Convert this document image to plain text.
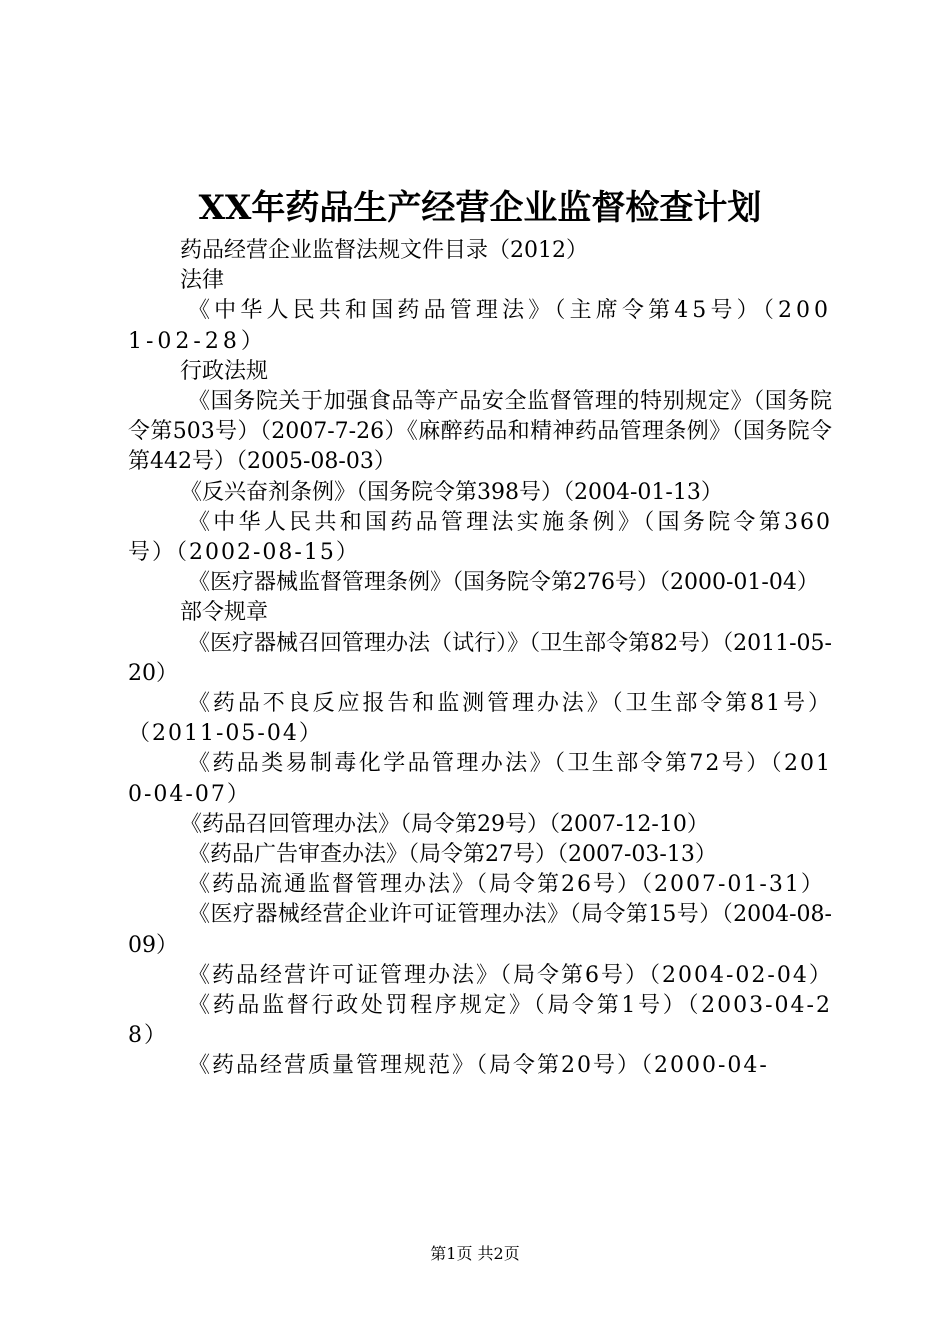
XX年药品生产经营企业监督检查计划

药品经营企业监督法规文件目录（2012）

法律

《中华人民共和国药品管理法》（主席令第45号）（2001-02-28）

行政法规

《国务院关于加强食品等产品安全监督管理的特别规定》（国务院令第503号）（2007-7-26）《麻醉药品和精神药品管理条例》（国务院令第442号）（2005-08-03）

《反兴奋剂条例》（国务院令第398号）（2004-01-13）

《中华人民共和国药品管理法实施条例》（国务院令第360号）（2002-08-15）

《医疗器械监督管理条例》（国务院令第276号）（2000-01-04）

部令规章

《医疗器械召回管理办法（试行）》（卫生部令第82号）（2011-05-20）

《药品不良反应报告和监测管理办法》（卫生部令第81号）（2011-05-04）

《药品类易制毒化学品管理办法》（卫生部令第72号）（2010-04-07）

《药品召回管理办法》（局令第29号）（2007-12-10）

《药品广告审查办法》（局令第27号）（2007-03-13）

《药品流通监督管理办法》（局令第26号）（2007-01-31）

《医疗器械经营企业许可证管理办法》（局令第15号）（2004-08-09）

《药品经营许可证管理办法》（局令第6号）（2004-02-04）

《药品监督行政处罚程序规定》（局令第1号）（2003-04-28）

《药品经营质量管理规范》（局令第20号）（2000-04-

第1页 共2页
